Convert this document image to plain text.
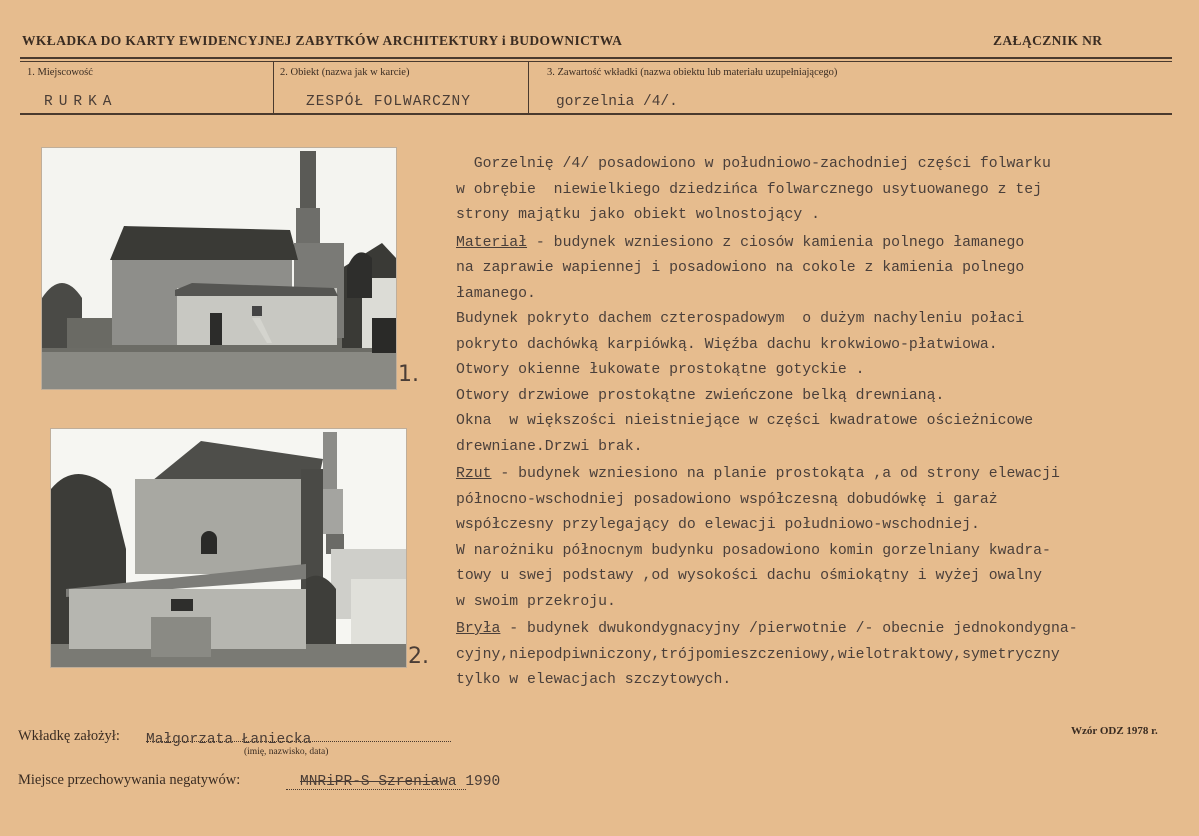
WKŁADKA DO KARTY EWIDENCYJNEJ ZABYTKÓW ARCHITEKTURY i BUDOWNICTWA	ZAŁĄCZNIK NR
1. Miejscowość	2. Obiekt (nazwa jak w karcie)	3. Zawartość wkładki (nazwa obiektu lub materiału uzupełniającego)
RURKA	ZESPÓŁ FOLWARCZNY	gorzelnia /4/.
1.
2.
Gorzelnię /4/ posadowiono w południowo-zachodniej części folwarku
w obrębie  niewielkiego dziedzińca folwarcznego usytuowanego z tej
strony majątku jako obiekt wolnostojący .
Materiał - budynek wzniesiono z ciosów kamienia polnego łamanego
na zaprawie wapiennej i posadowiono na cokole z kamienia polnego
łamanego.
Budynek pokryto dachem czterospadowym  o dużym nachyleniu połaci
pokryto dachówką karpiówką. Więźba dachu krokwiowo-płatwiowa.
Otwory okienne łukowate prostokątne gotyckie .
Otwory drzwiowe prostokątne zwieńczone belką drewnianą.
Okna  w większości nieistniejące w części kwadratowe ościeżnicowe
drewniane.Drzwi brak.
Rzut - budynek wzniesiono na planie prostokąta ,a od strony elewacji
północno-wschodniej posadowiono współczesną dobudówkę i garaż
współczesny przylegający do elewacji południowo-wschodniej.
W narożniku północnym budynku posadowiono komin gorzelniany kwadra-
towy u swej podstawy ,od wysokości dachu ośmiokątny i wyżej owalny
w swoim przekroju.
Bryła - budynek dwukondygnacyjny /pierwotnie /- obecnie jednokondygna-
cyjny,niepodpiwniczony,trójpomieszczeniowy,wielotraktowy,symetryczny
tylko w elewacjach szczytowych.
Wkładkę założył: Małgorzata Łaniecka
(imię, nazwisko, data)
Wzór ODZ 1978 r.
Miejsce przechowywania negatywów:	MNRiPR-S Szreniawa 1990
